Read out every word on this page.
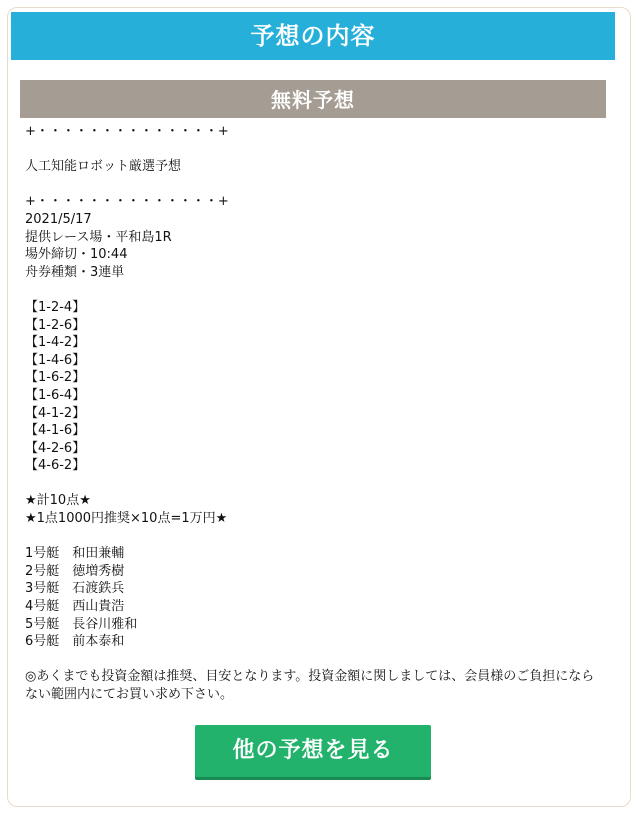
予想の内容
無料予想
+・・・・・・・・・・・・・・+
人工知能ロボット厳選予想
+・・・・・・・・・・・・・・+
2021/5/17
提供レース場・平和島1R
場外締切・10:44
舟券種類・3連単
【1-2-4】
【1-2-6】
【1-4-2】
【1-4-6】
【1-6-2】
【1-6-4】
【4-1-2】
【4-1-6】
【4-2-6】
【4-6-2】
★計10点★
★1点1000円推奨×10点=1万円★
1号艇　和田兼輔
2号艇　徳増秀樹
3号艇　石渡鉄兵
4号艇　西山貴浩
5号艇　長谷川雅和
6号艇　前本泰和
◎あくまでも投資金額は推奨、目安となります。投資金額に関しましては、会員様のご負担にならない範囲内にてお買い求め下さい。
他の予想を見る
